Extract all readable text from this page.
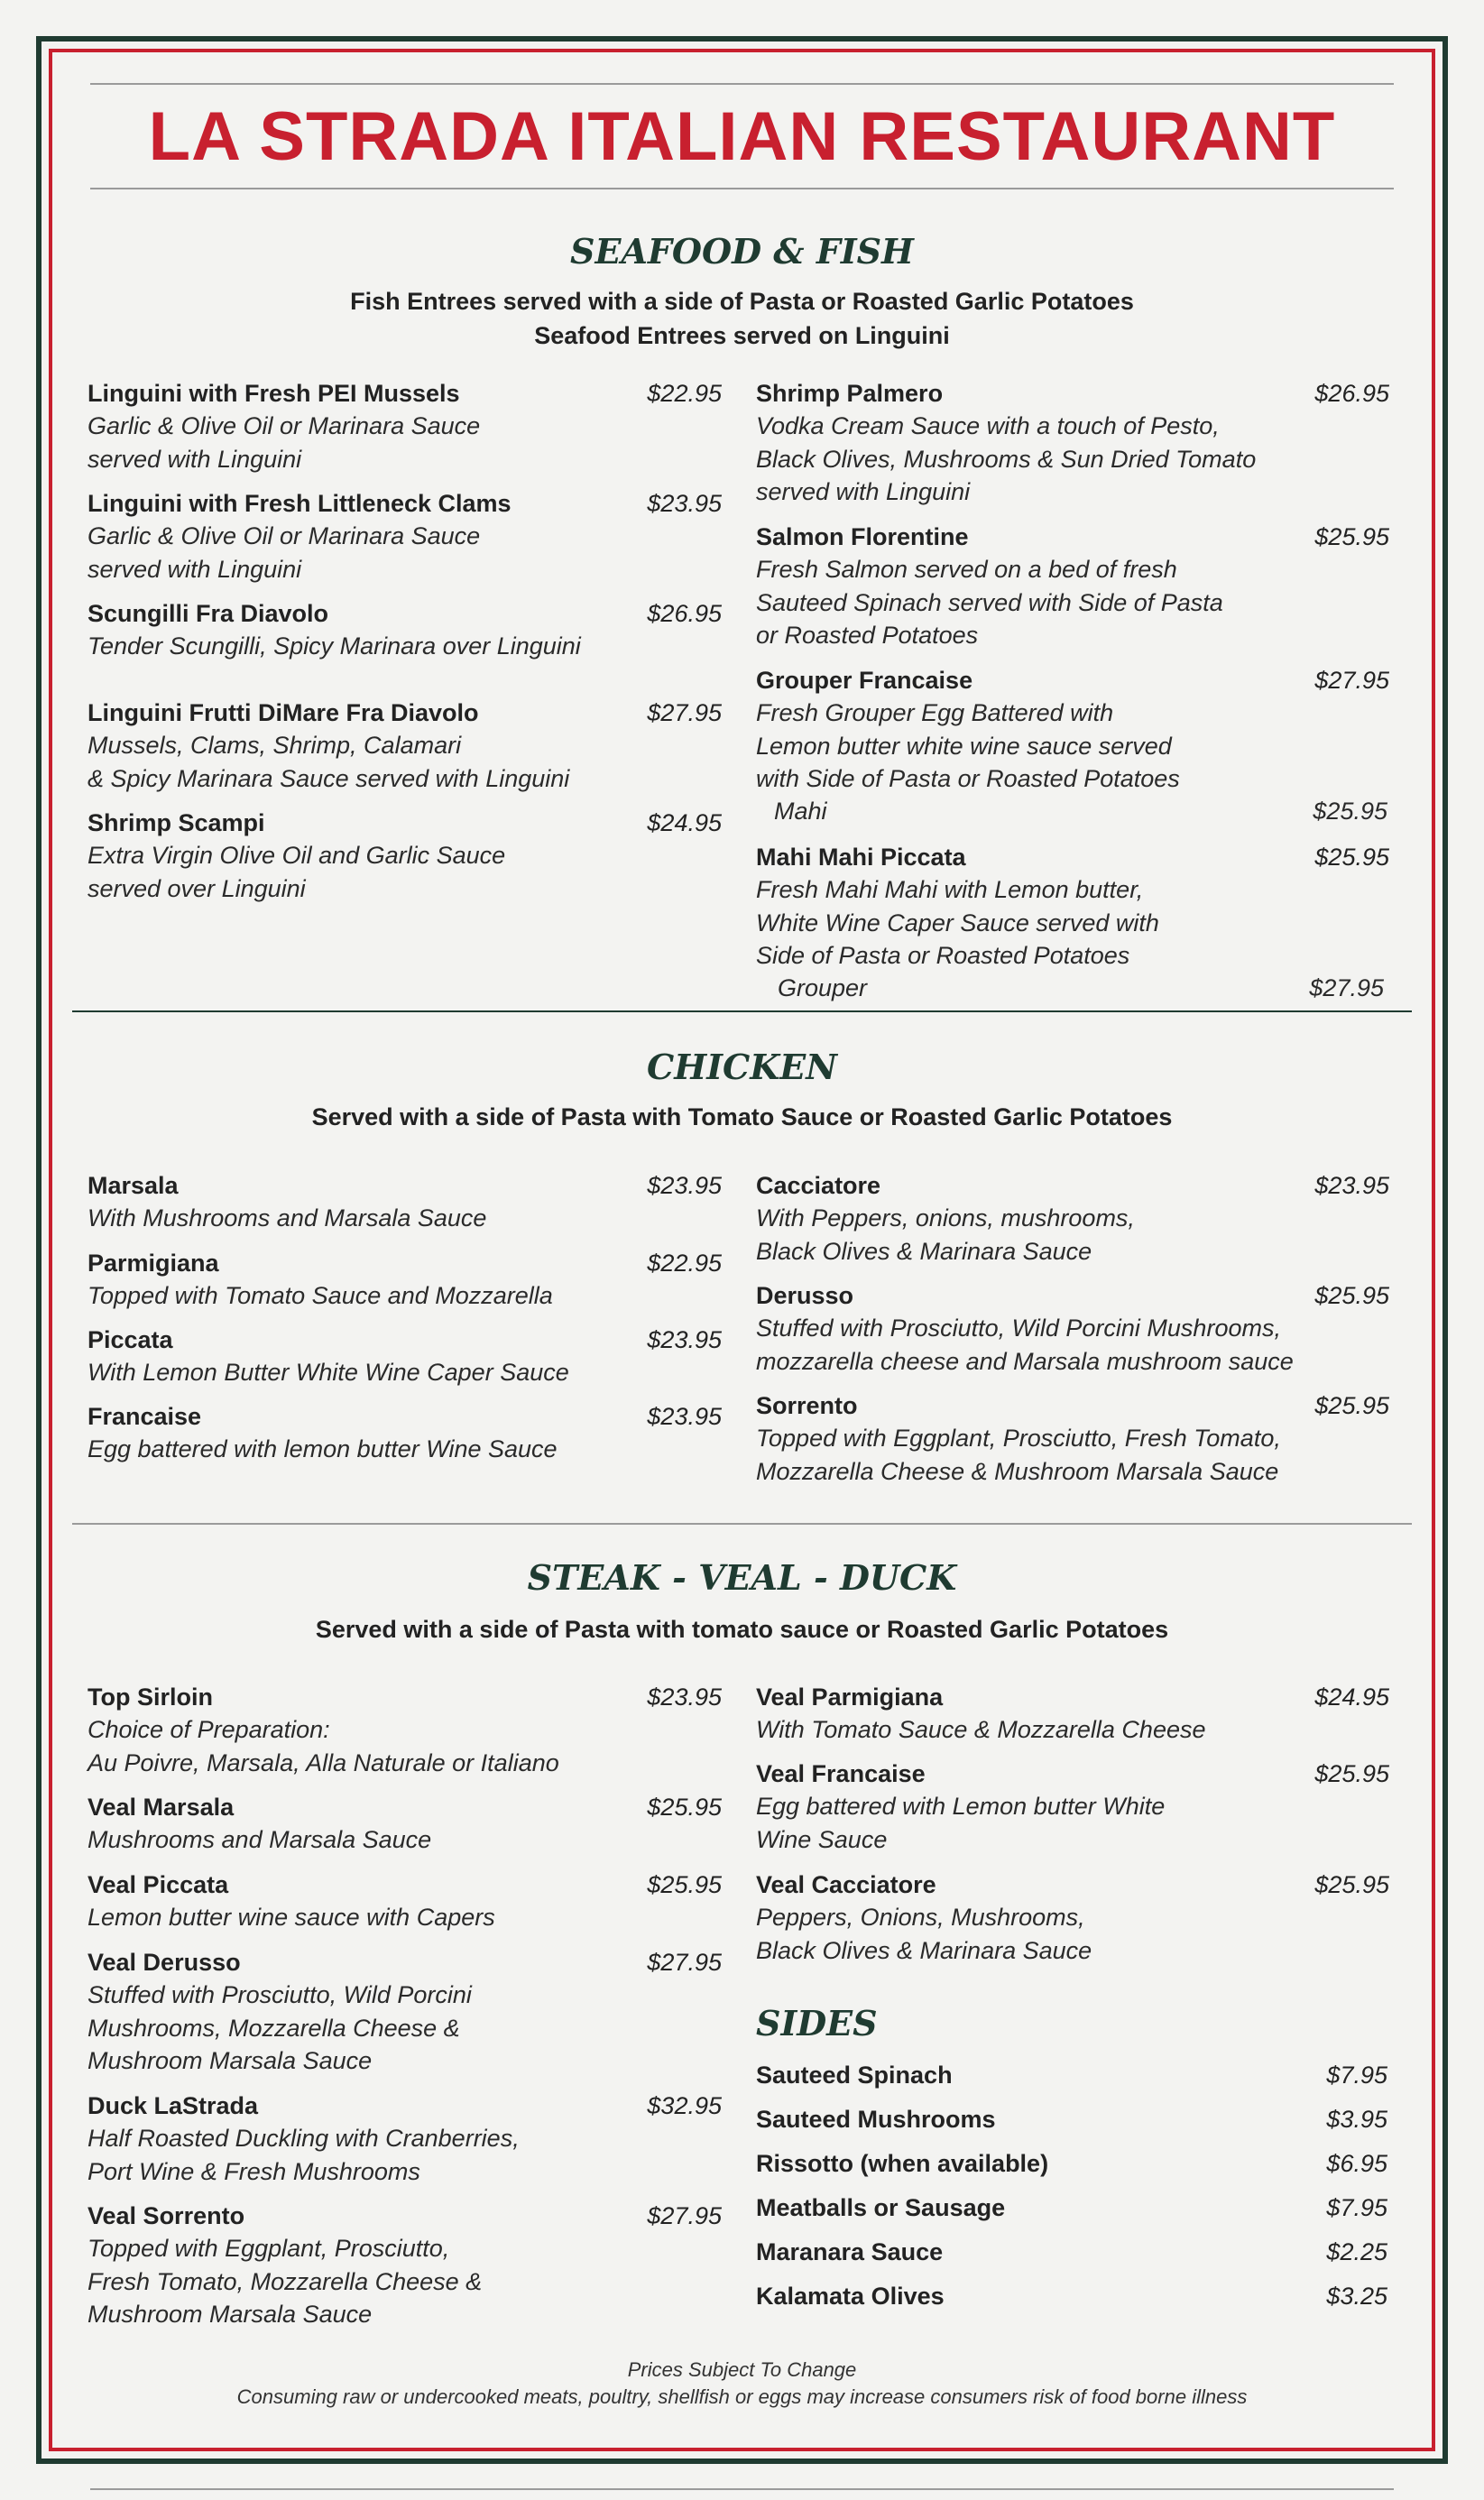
LA STRADA ITALIAN RESTAURANT
SEAFOOD & FISH
Fish Entrees served with a side of Pasta or Roasted Garlic Potatoes
Seafood Entrees served on Linguini
Linguini with Fresh PEI Mussels	$22.95
Garlic & Olive Oil or Marinara Sauce
served with Linguini
Linguini with Fresh Littleneck Clams	$23.95
Garlic & Olive Oil or Marinara Sauce
served with Linguini
Scungilli Fra Diavolo	$26.95
Tender Scungilli, Spicy Marinara over Linguini
Linguini Frutti DiMare Fra Diavolo	$27.95
Mussels, Clams, Shrimp, Calamari
& Spicy Marinara Sauce served with Linguini
Shrimp Scampi	$24.95
Extra Virgin Olive Oil and Garlic Sauce
served over Linguini
Shrimp Palmero	$26.95
Vodka Cream Sauce with a touch of Pesto,
Black Olives, Mushrooms & Sun Dried Tomato
served with Linguini
Salmon Florentine	$25.95
Fresh Salmon served on a bed of fresh
Sauteed Spinach served with Side of Pasta
or Roasted Potatoes
Grouper Francaise	$27.95
Fresh Grouper Egg Battered with
Lemon butter white wine sauce served
with Side of Pasta or Roasted Potatoes
Mahi	$25.95
Mahi Mahi Piccata	$25.95
Fresh Mahi Mahi with Lemon butter,
White Wine Caper Sauce served with
Side of Pasta or Roasted Potatoes
Grouper	$27.95
CHICKEN
Served with a side of Pasta with Tomato Sauce or Roasted Garlic Potatoes
Marsala	$23.95
With Mushrooms and Marsala Sauce
Parmigiana	$22.95
Topped with Tomato Sauce and Mozzarella
Piccata	$23.95
With Lemon Butter White Wine Caper Sauce
Francaise	$23.95
Egg battered with lemon butter Wine Sauce
Cacciatore	$23.95
With Peppers, onions, mushrooms,
Black Olives & Marinara Sauce
Derusso	$25.95
Stuffed with Prosciutto, Wild Porcini Mushrooms,
mozzarella cheese and Marsala mushroom sauce
Sorrento	$25.95
Topped with Eggplant, Prosciutto, Fresh Tomato,
Mozzarella Cheese & Mushroom Marsala Sauce
STEAK - VEAL - DUCK
Served with a side of Pasta with tomato sauce or Roasted Garlic Potatoes
Top Sirloin	$23.95
Choice of Preparation:
Au Poivre, Marsala, Alla Naturale or Italiano
Veal Marsala	$25.95
Mushrooms and Marsala Sauce
Veal Piccata	$25.95
Lemon butter wine sauce with Capers
Veal Derusso	$27.95
Stuffed with Prosciutto, Wild Porcini
Mushrooms, Mozzarella Cheese &
Mushroom Marsala Sauce
Duck LaStrada	$32.95
Half Roasted Duckling with Cranberries,
Port Wine & Fresh Mushrooms
Veal Sorrento	$27.95
Topped with Eggplant, Prosciutto,
Fresh Tomato, Mozzarella Cheese &
Mushroom Marsala Sauce
Veal Parmigiana	$24.95
With Tomato Sauce & Mozzarella Cheese
Veal Francaise	$25.95
Egg battered with Lemon butter White
Wine Sauce
Veal Cacciatore	$25.95
Peppers, Onions, Mushrooms,
Black Olives & Marinara Sauce
SIDES
Sauteed Spinach	$7.95
Sauteed Mushrooms	$3.95
Rissotto (when available)	$6.95
Meatballs or Sausage	$7.95
Maranara Sauce	$2.25
Kalamata Olives	$3.25
Prices Subject To Change
Consuming raw or undercooked meats, poultry, shellfish or eggs may increase consumers risk of food borne illness
